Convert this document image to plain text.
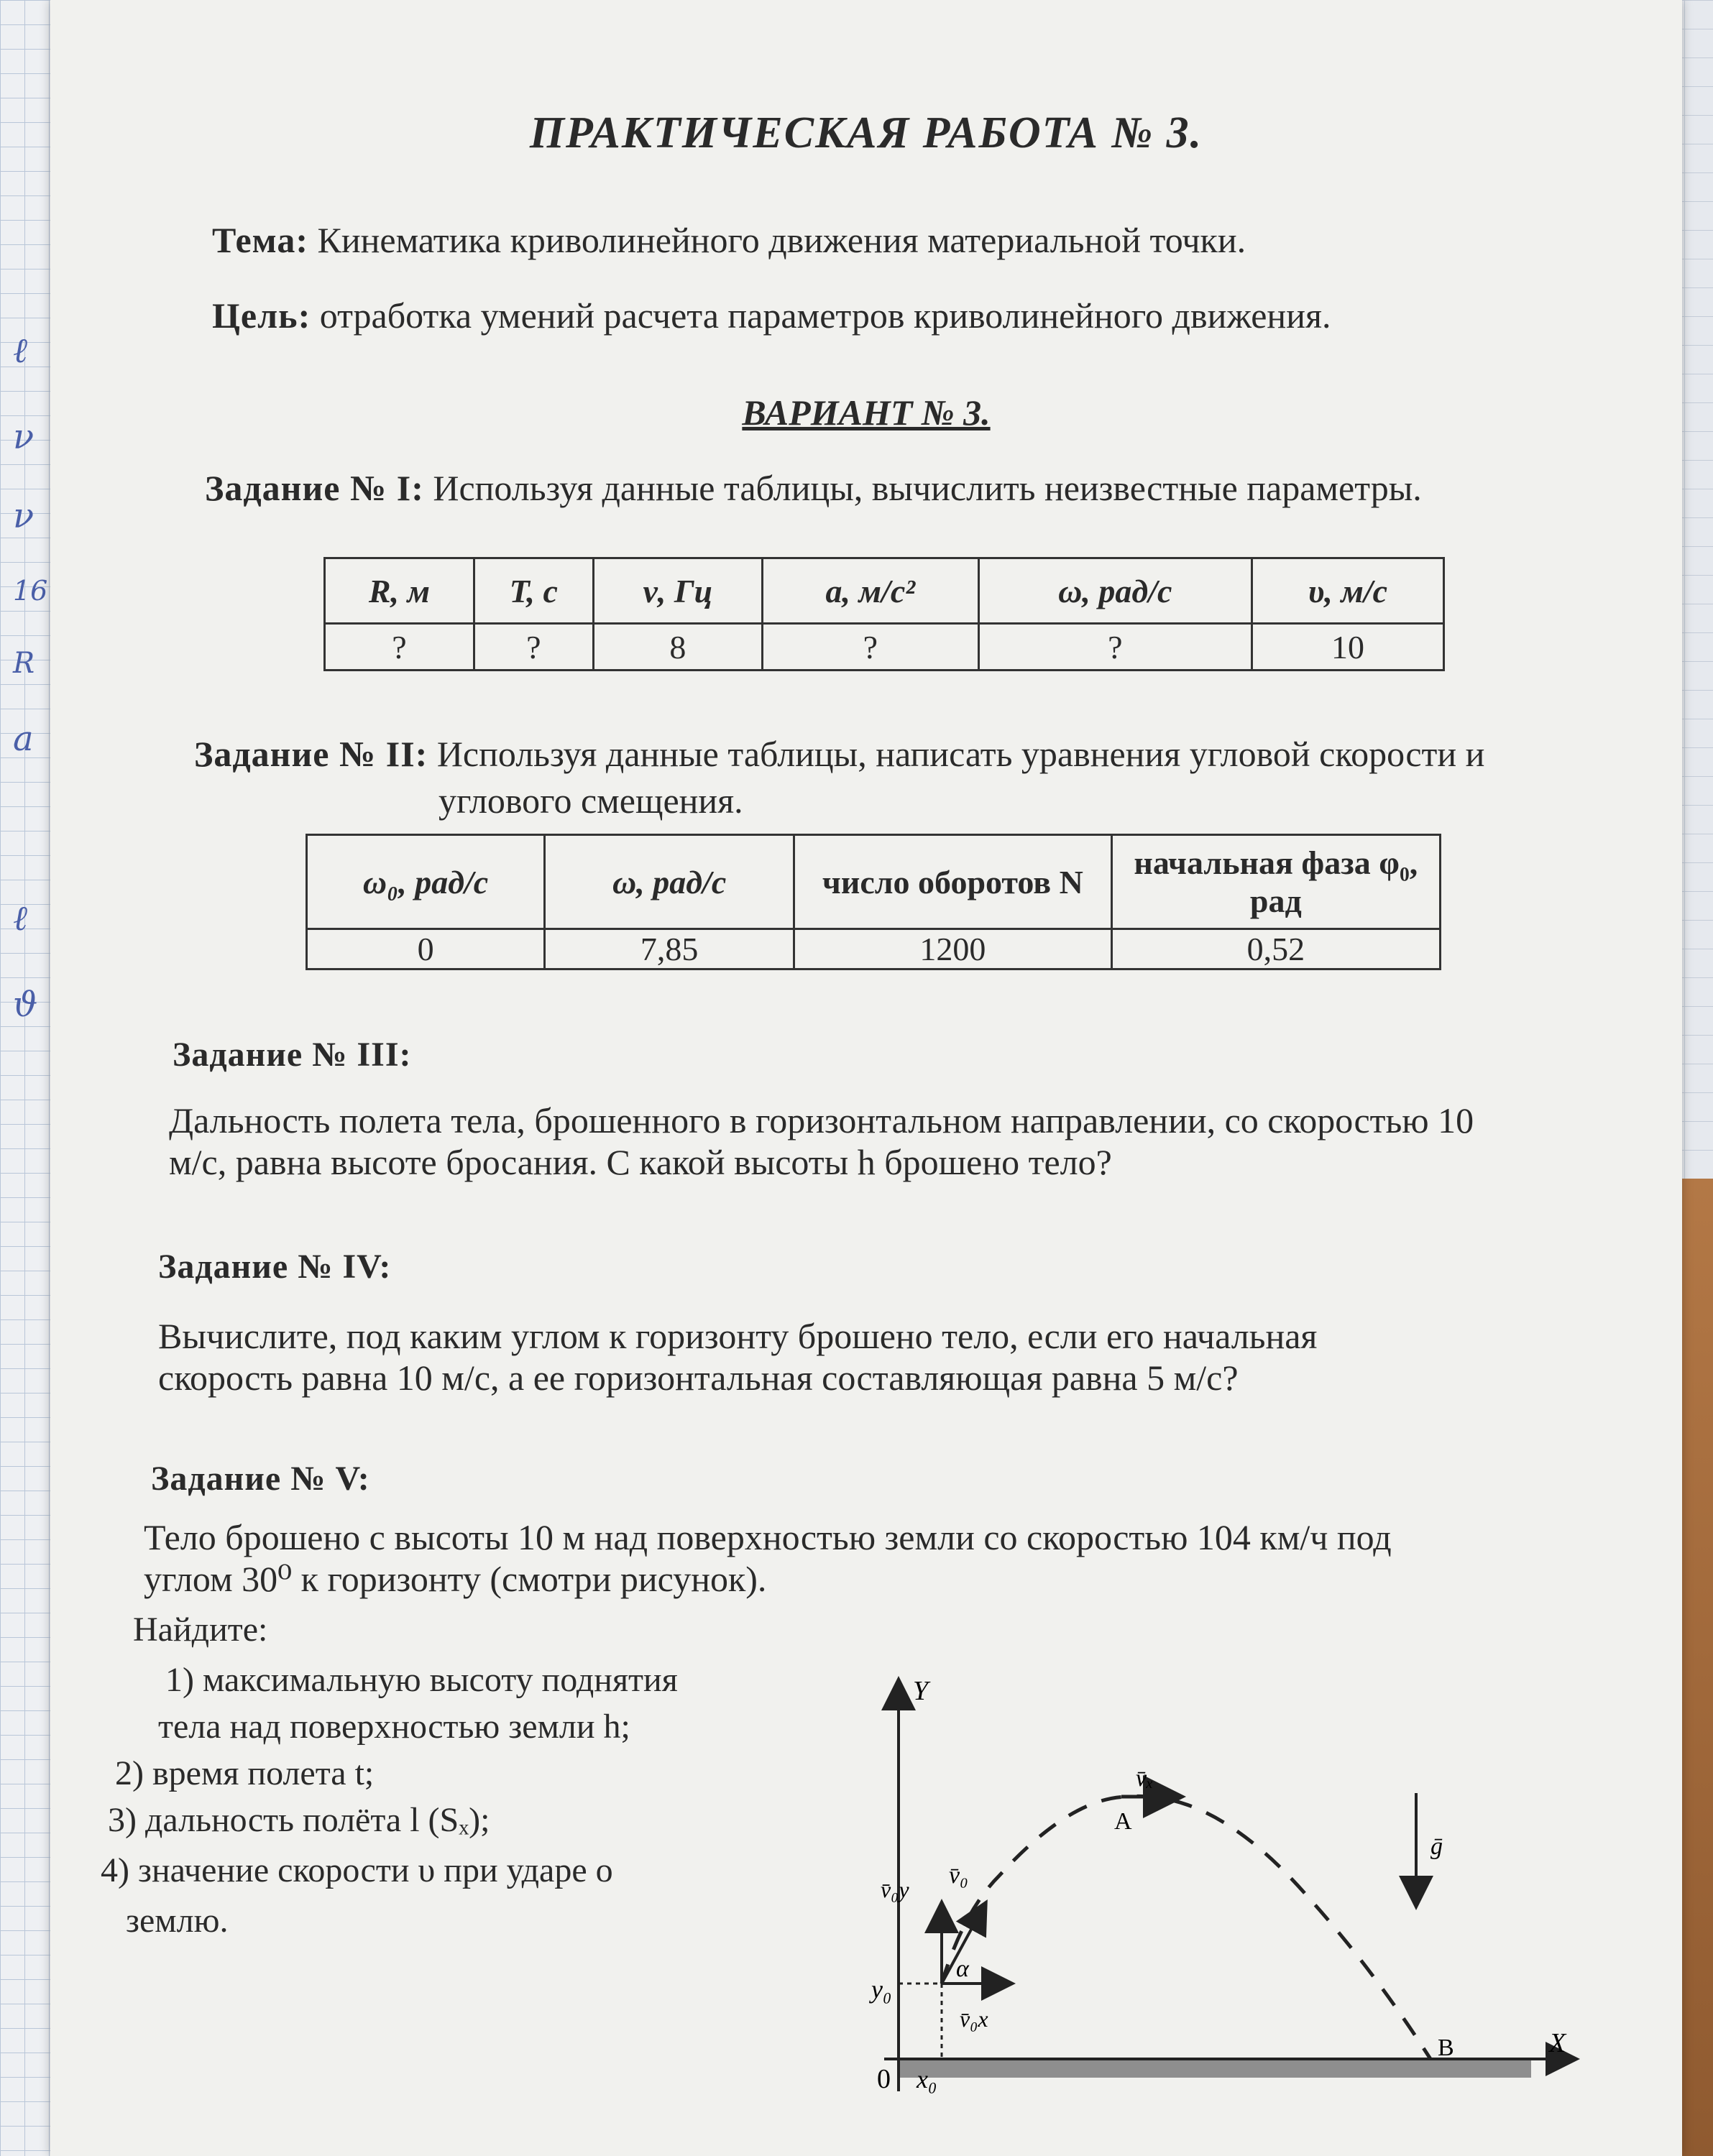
ℓ
ν
ν
16
R
a
ℓ
ϑ
ПРАКТИЧЕСКАЯ РАБОТА № 3.
Тема: Кинематика криволинейного движения материальной точки.
Цель: отработка умений расчета параметров криволинейного движения.
ВАРИАНТ № 3.
Задание № I: Используя данные таблицы, вычислить неизвестные параметры.
R, м	T, с	ν, Гц	a, м/с²	ω, рад/с	υ, м/с
?	?	8	?	?	10
Задание № II: Используя данные таблицы, написать уравнения угловой скорости и
углового смещения.
ω₀, рад/с	ω, рад/с	число оборотов N	начальная фаза φ₀, рад
0	7,85	1200	0,52
Задание № III:
Дальность полета тела, брошенного в горизонтальном направлении, со скоростью 10
м/с, равна высоте бросания. С какой высоты h брошено тело?
Задание № IV:
Вычислите, под каким углом к горизонту брошено тело, если его начальная
скорость равна 10 м/с, а ее горизонтальная составляющая равна 5 м/с?
Задание № V:
Тело брошено с высоты 10 м над поверхностью земли со скоростью 104 км/ч под
углом 30⁰ к горизонту (смотри рисунок).
Найдите:
1) максимальную высоту поднятия
тела над поверхностью земли h;
2) время полета t;
3) дальность полёта l (Sₓ);
4) значение скорости υ при ударе о
землю.
Y
X
0 x₀
y₀
v̄₀y
v̄₀
v̄₀x
α
v̄ₓ
A
B
ḡ
